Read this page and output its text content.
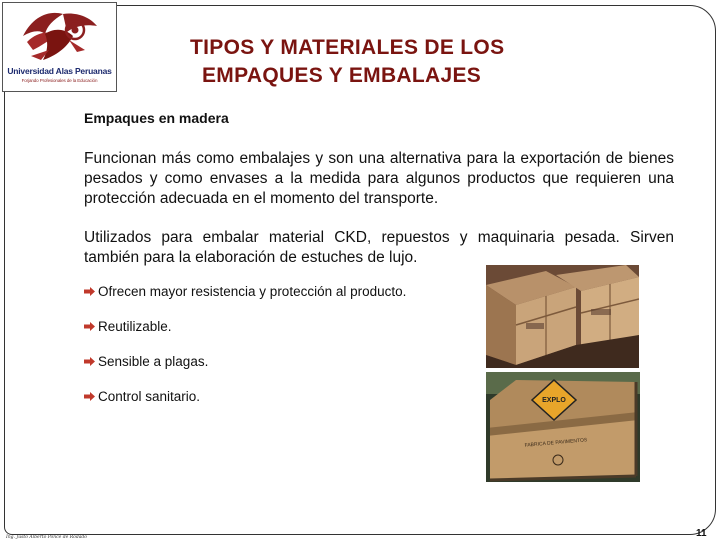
Universidad Alas Peruanas
Forjando Profesionales de la Educación
TIPOS Y MATERIALES DE LOS
EMPAQUES Y EMBALAJES
Empaques en madera
Funcionan más como embalajes y son una alternativa para la exportación de bienes pesados y como envases a la medida para algunos productos que requieren una protección adecuada en el momento del transporte.
Utilizados para embalar material CKD, repuestos y maquinaria pesada. Sirven también para la elaboración de estuches de lujo.
Ofrecen mayor resistencia y protección al producto.
Reutilizable.
Sensible a plagas.
Control sanitario.	EXPLO
FABRICA DE PAVIMENTOS
Ing. Justo Alberto Ponce de Rodado	11
